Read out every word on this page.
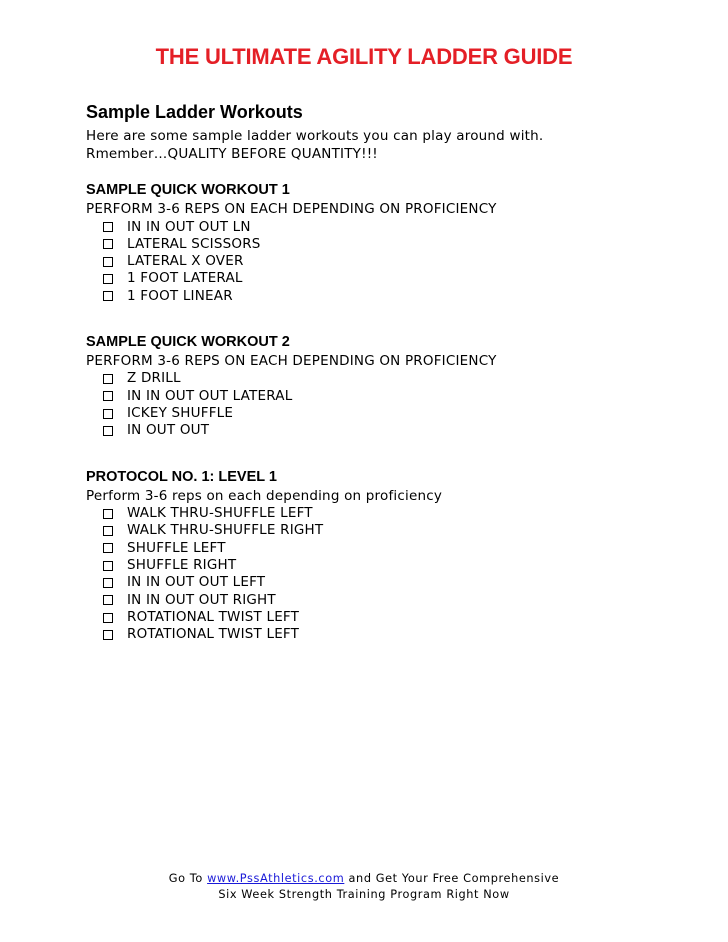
THE ULTIMATE AGILITY LADDER GUIDE
Sample Ladder Workouts
Here are some sample ladder workouts you can play around with.
Rmember…QUALITY BEFORE QUANTITY!!!
SAMPLE QUICK WORKOUT 1
PERFORM 3-6 REPS ON EACH DEPENDING ON PROFICIENCY
IN IN OUT OUT LN
LATERAL SCISSORS
LATERAL X OVER
1 FOOT LATERAL
1 FOOT LINEAR
SAMPLE QUICK WORKOUT 2
PERFORM 3-6 REPS ON EACH DEPENDING ON PROFICIENCY
Z DRILL
IN IN OUT OUT LATERAL
ICKEY SHUFFLE
IN OUT OUT
PROTOCOL NO. 1: LEVEL 1
Perform 3-6 reps on each depending on proficiency
WALK THRU-SHUFFLE LEFT
WALK THRU-SHUFFLE RIGHT
SHUFFLE LEFT
SHUFFLE RIGHT
IN IN OUT OUT LEFT
IN IN OUT OUT RIGHT
ROTATIONAL TWIST LEFT
ROTATIONAL TWIST LEFT
Go To www.PssAthletics.com and Get Your Free Comprehensive
Six Week Strength Training Program Right Now
